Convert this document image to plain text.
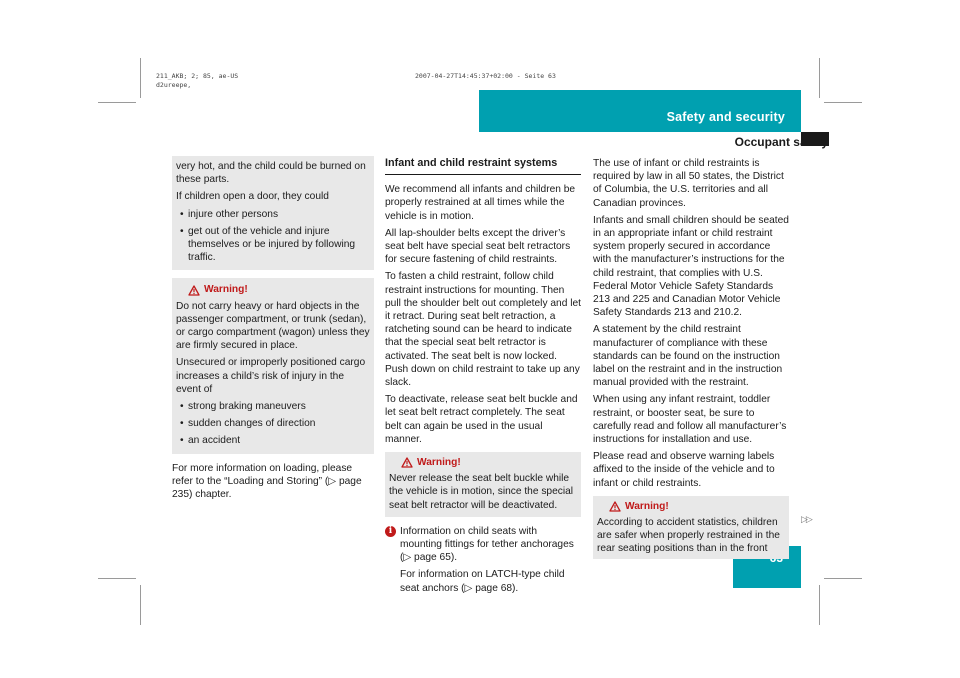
211_AKB; 2; 85, ae-US
d2ureepe,
2007-04-27T14:45:37+02:00 - Seite 63
Safety and security
Occupant safety

very hot, and the child could be burned on these parts.

If children open a door, they could

• injure other persons

• get out of the vehicle and injure themselves or be injured by following traffic.

Warning!

Do not carry heavy or hard objects in the passenger compartment, or trunk (sedan), or cargo compartment (wagon) unless they are firmly secured in place.

Unsecured or improperly positioned cargo increases a child’s risk of injury in the event of

• strong braking maneuvers

• sudden changes of direction

• an accident

For more information on loading, please refer to the “Loading and Storing” (▷ page 235) chapter.

Infant and child restraint systems

We recommend all infants and children be properly restrained at all times while the vehicle is in motion.

All lap-shoulder belts except the driver’s seat belt have special seat belt retractors for secure fastening of child restraints.

To fasten a child restraint, follow child restraint instructions for mounting. Then pull the shoulder belt out completely and let it retract. During seat belt retraction, a ratcheting sound can be heard to indicate that the special seat belt retractor is activated. The seat belt is now locked. Push down on child restraint to take up any slack.

To deactivate, release seat belt buckle and let seat belt retract completely. The seat belt can again be used in the usual manner.

Warning!

Never release the seat belt buckle while the vehicle is in motion, since the special seat belt retractor will be deactivated.

i Information on child seats with mounting fittings for tether anchorages (▷ page 65).

For information on LATCH-type child seat anchors (▷ page 68).

The use of infant or child restraints is required by law in all 50 states, the District of Columbia, the U.S. territories and all Canadian provinces.

Infants and small children should be seated in an appropriate infant or child restraint system properly secured in accordance with the manufacturer’s instructions for the child restraint, that complies with U.S. Federal Motor Vehicle Safety Standards 213 and 225 and Canadian Motor Vehicle Safety Standards 213 and 210.2.

A statement by the child restraint manufacturer of compliance with these standards can be found on the instruction label on the restraint and in the instruction manual provided with the restraint.

When using any infant restraint, toddler restraint, or booster seat, be sure to carefully read and follow all manufacturer’s instructions for installation and use.

Please read and observe warning labels affixed to the inside of the vehicle and to infant or child restraints.

Warning!

According to accident statistics, children are safer when properly restrained in the rear seating positions than in the front

▷▷
